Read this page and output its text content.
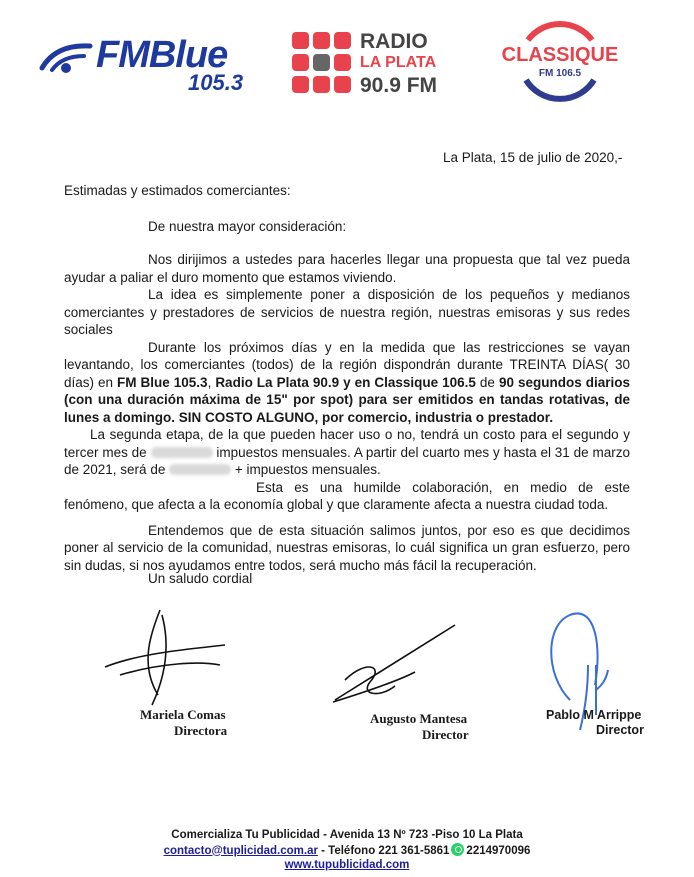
FMBlue
105.3
RADIO
LA PLATA
90.9 FM
CLASSIQUE
FM 106.5
La Plata, 15 de julio de 2020,-
Estimadas y estimados comerciantes:
De nuestra mayor consideración:

Nos dirijimos a ustedes para hacerles llegar una propuesta que tal vez pueda ayudar a paliar el duro momento que estamos viviendo.

La idea es simplemente poner a disposición de los pequeños y medianos comerciantes y prestadores de servicios de nuestra región, nuestras emisoras y sus redes sociales

Durante los próximos días y en la medida que las restricciones se vayan levantando, los comerciantes (todos) de la región dispondrán durante TREINTA DÍAS( 30 días) en FM Blue 105.3, Radio La Plata 90.9 y en Classique 106.5 de 90 segundos diarios (con una duración máxima de 15" por spot) para ser emitidos en tandas rotativas, de lunes a domingo. SIN COSTO ALGUNO, por comercio, industria o prestador.

La segunda etapa, de la que pueden hacer uso o no, tendrá un costo para el segundo y tercer mes de	impuestos mensuales. A partir del cuarto mes y hasta el 31 de marzo de 2021, será de	+ impuestos mensuales.

Esta es una humilde colaboración, en medio de este fenómeno, que afecta a la economía global y que claramente afecta a nuestra ciudad toda.

Entendemos que de esta situación salimos juntos, por eso es que decidimos poner al servicio de la comunidad, nuestras emisoras, lo cuál significa un gran esfuerzo, pero sin dudas, si nos ayudamos entre todos, será mucho más fácil la recuperación.

Un saludo cordial
Mariela Comas
Directora
Augusto Mantesa
Director
Pablo M Arrippe
Director
Comercializa Tu Publicidad - Avenida 13 Nº 723 -Piso 10 La Plata
contacto@tuplicidad.com.ar - Teléfono 221 361-5861 2214970096
www.tupublicidad.com
